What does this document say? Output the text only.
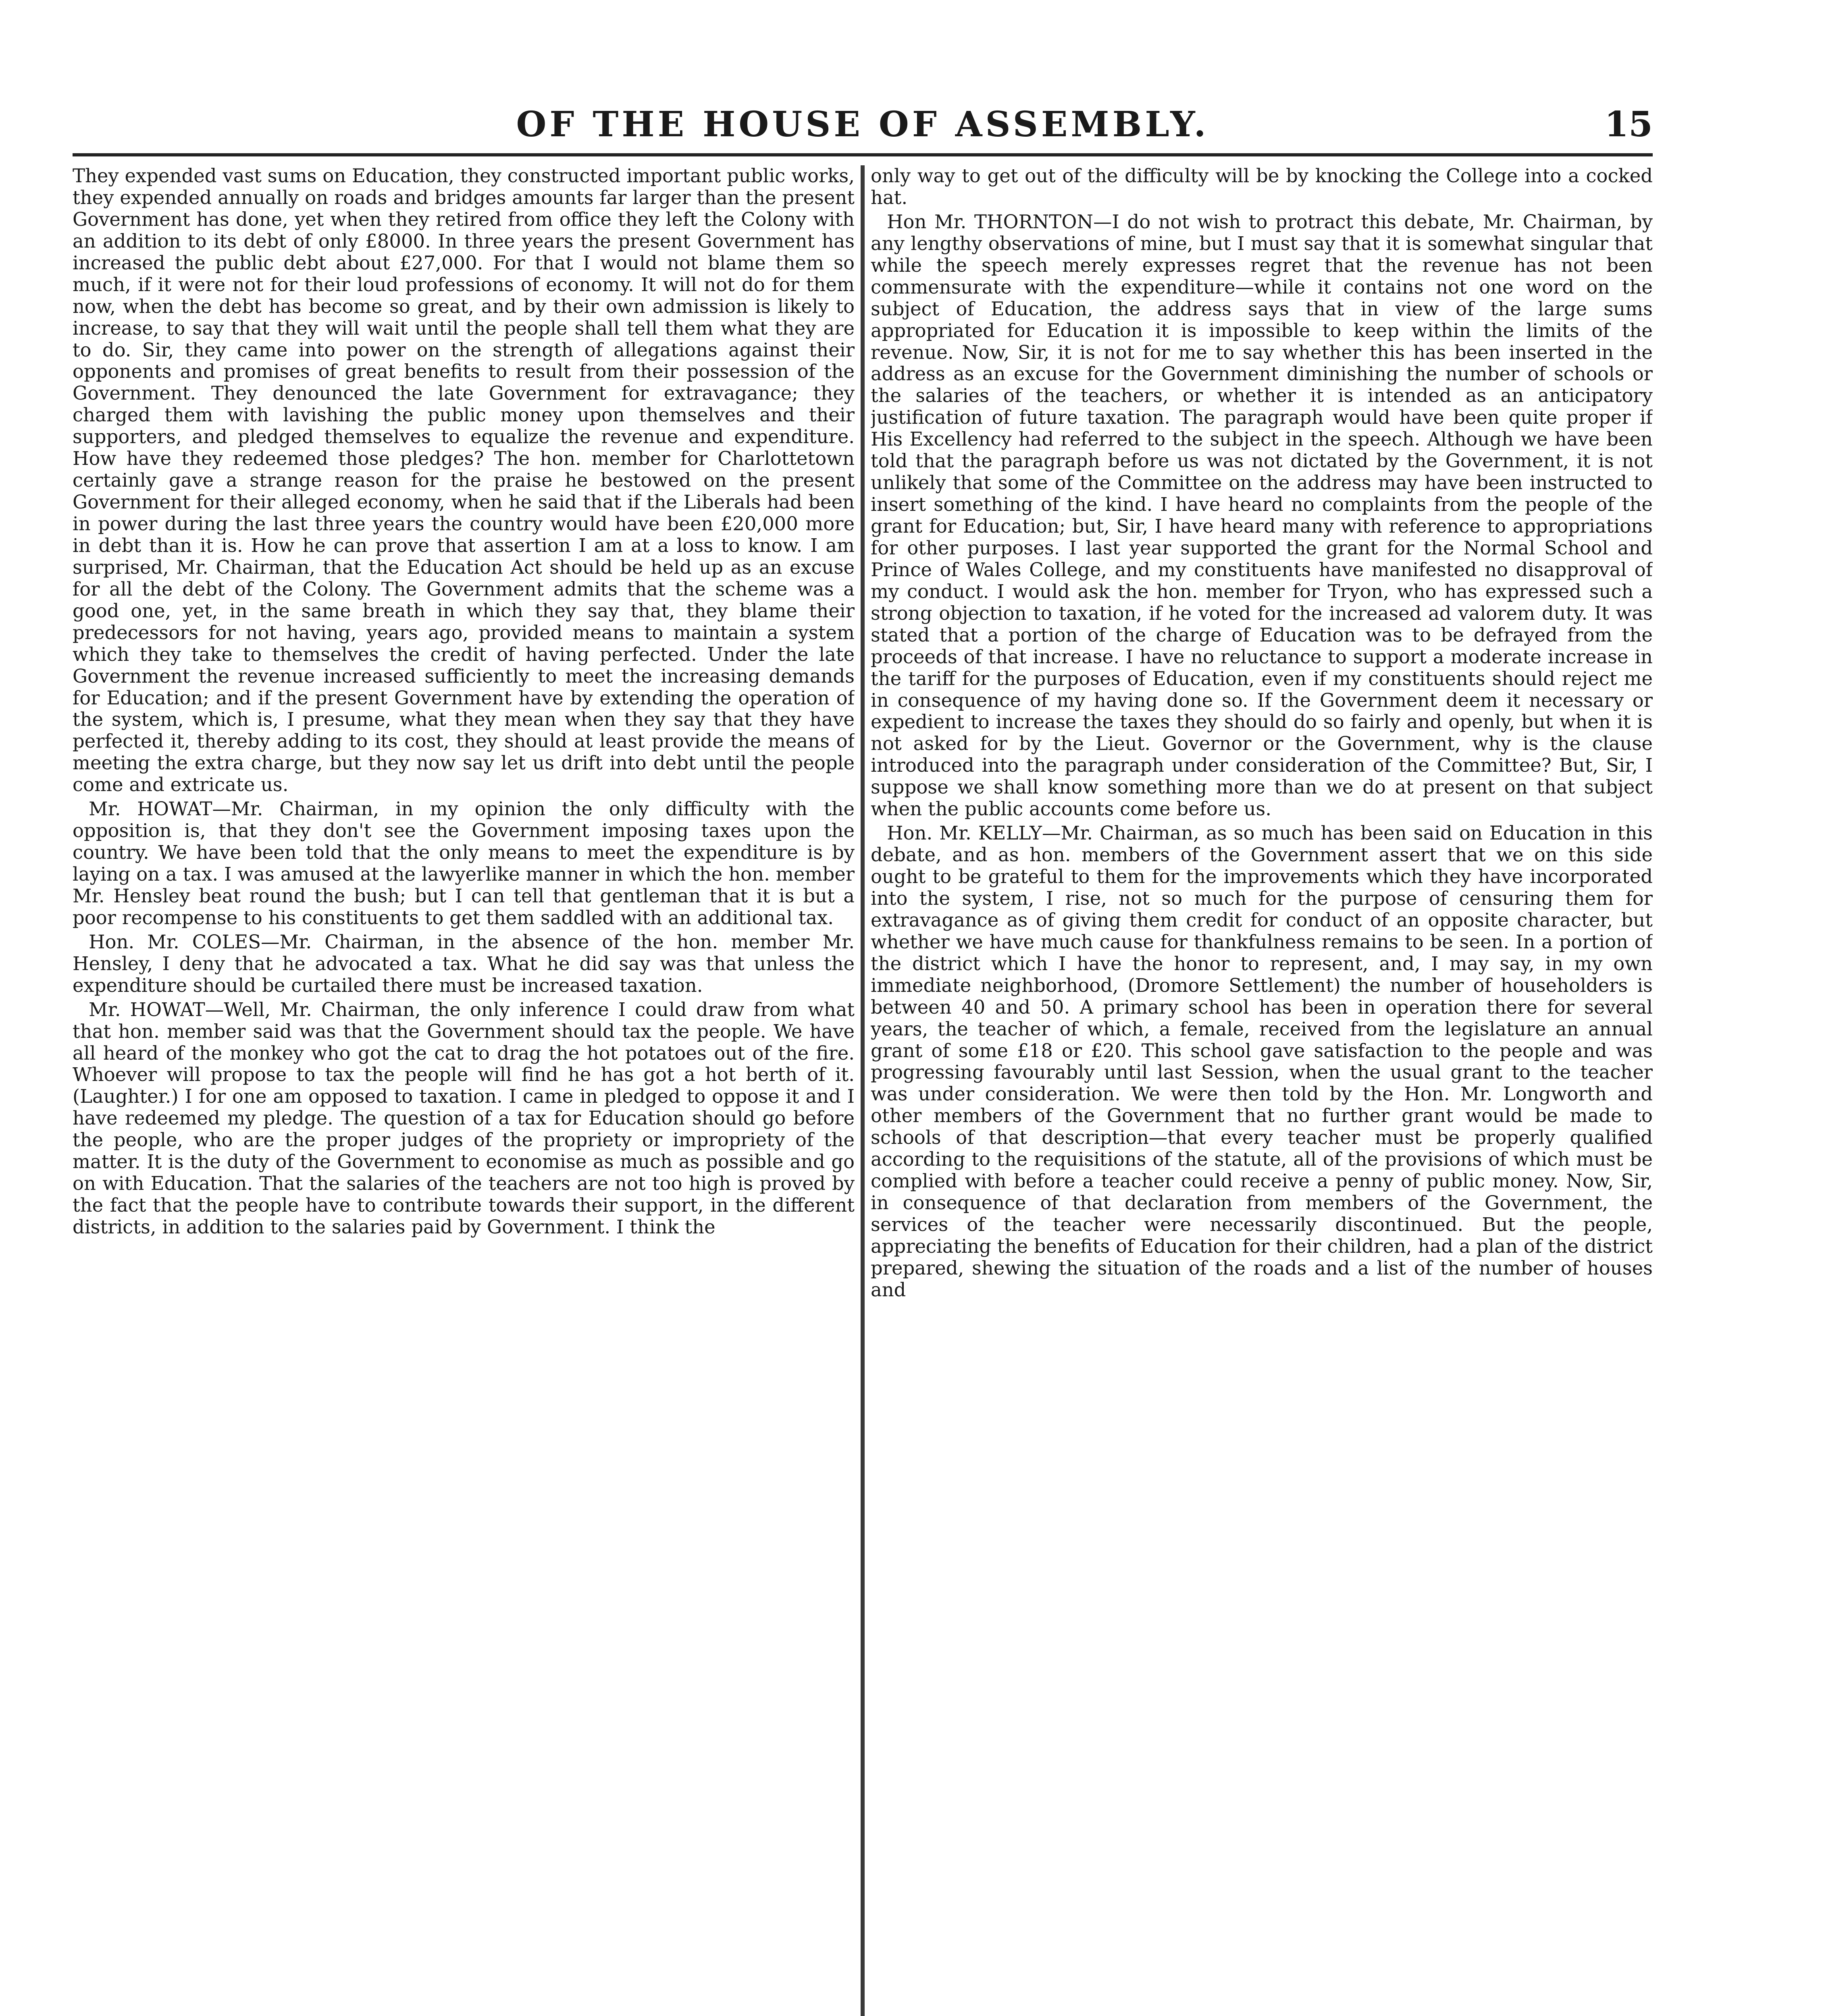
OF THE HOUSE OF ASSEMBLY.	15

They expended vast sums on Education, they constructed important public works, they expended annually on roads and bridges amounts far larger than the present Government has done, yet when they retired from office they left the Colony with an addition to its debt of only £8000. In three years the present Government has increased the public debt about £27,000. For that I would not blame them so much, if it were not for their loud professions of economy. It will not do for them now, when the debt has become so great, and by their own admission is likely to increase, to say that they will wait until the people shall tell them what they are to do. Sir, they came into power on the strength of allegations against their opponents and promises of great benefits to result from their possession of the Government. They denounced the late Government for extravagance; they charged them with lavishing the public money upon themselves and their supporters, and pledged themselves to equalize the revenue and expenditure. How have they redeemed those pledges? The hon. member for Charlottetown certainly gave a strange reason for the praise he bestowed on the present Government for their alleged economy, when he said that if the Liberals had been in power during the last three years the country would have been £20,000 more in debt than it is. How he can prove that assertion I am at a loss to know. I am surprised, Mr. Chairman, that the Education Act should be held up as an excuse for all the debt of the Colony. The Government admits that the scheme was a good one, yet, in the same breath in which they say that, they blame their predecessors for not having, years ago, provided means to maintain a system which they take to themselves the credit of having perfected. Under the late Government the revenue increased sufficiently to meet the increasing demands for Education; and if the present Government have by extending the operation of the system, which is, I presume, what they mean when they say that they have perfected it, thereby adding to its cost, they should at least provide the means of meeting the extra charge, but they now say let us drift into debt until the people come and extricate us.

Mr. HOWAT—Mr. Chairman, in my opinion the only difficulty with the opposition is, that they don't see the Government imposing taxes upon the country. We have been told that the only means to meet the expenditure is by laying on a tax. I was amused at the lawyerlike manner in which the hon. member Mr. Hensley beat round the bush; but I can tell that gentleman that it is but a poor recompense to his constituents to get them saddled with an additional tax.

Hon. Mr. COLES—Mr. Chairman, in the absence of the hon. member Mr. Hensley, I deny that he advocated a tax. What he did say was that unless the expenditure should be curtailed there must be increased taxation.

Mr. HOWAT—Well, Mr. Chairman, the only inference I could draw from what that hon. member said was that the Government should tax the people. We have all heard of the monkey who got the cat to drag the hot potatoes out of the fire. Whoever will propose to tax the people will find he has got a hot berth of it. (Laughter.) I for one am opposed to taxation. I came in pledged to oppose it and I have redeemed my pledge. The question of a tax for Education should go before the people, who are the proper judges of the propriety or impropriety of the matter. It is the duty of the Government to economise as much as possible and go on with Education. That the salaries of the teachers are not too high is proved by the fact that the people have to contribute towards their support, in the different districts, in addition to the salaries paid by Government. I think the

only way to get out of the difficulty will be by knocking the College into a cocked hat.

Hon Mr. THORNTON—I do not wish to protract this debate, Mr. Chairman, by any lengthy observations of mine, but I must say that it is somewhat singular that while the speech merely expresses regret that the revenue has not been commensurate with the expenditure—while it contains not one word on the subject of Education, the address says that in view of the large sums appropriated for Education it is impossible to keep within the limits of the revenue. Now, Sir, it is not for me to say whether this has been inserted in the address as an excuse for the Government diminishing the number of schools or the salaries of the teachers, or whether it is intended as an anticipatory justification of future taxation. The paragraph would have been quite proper if His Excellency had referred to the subject in the speech. Although we have been told that the paragraph before us was not dictated by the Government, it is not unlikely that some of the Committee on the address may have been instructed to insert something of the kind. I have heard no complaints from the people of the grant for Education; but, Sir, I have heard many with reference to appropriations for other purposes. I last year supported the grant for the Normal School and Prince of Wales College, and my constituents have manifested no disapproval of my conduct. I would ask the hon. member for Tryon, who has expressed such a strong objection to taxation, if he voted for the increased ad valorem duty. It was stated that a portion of the charge of Education was to be defrayed from the proceeds of that increase. I have no reluctance to support a moderate increase in the tariff for the purposes of Education, even if my constituents should reject me in consequence of my having done so. If the Government deem it necessary or expedient to increase the taxes they should do so fairly and openly, but when it is not asked for by the Lieut. Governor or the Government, why is the clause introduced into the paragraph under consideration of the Committee? But, Sir, I suppose we shall know something more than we do at present on that subject when the public accounts come before us.

Hon. Mr. KELLY—Mr. Chairman, as so much has been said on Education in this debate, and as hon. members of the Government assert that we on this side ought to be grateful to them for the improvements which they have incorporated into the system, I rise, not so much for the purpose of censuring them for extravagance as of giving them credit for conduct of an opposite character, but whether we have much cause for thankfulness remains to be seen. In a portion of the district which I have the honor to represent, and, I may say, in my own immediate neighborhood, (Dromore Settlement) the number of householders is between 40 and 50. A primary school has been in operation there for several years, the teacher of which, a female, received from the legislature an annual grant of some £18 or £20. This school gave satisfaction to the people and was progressing favourably until last Session, when the usual grant to the teacher was under consideration. We were then told by the Hon. Mr. Longworth and other members of the Government that no further grant would be made to schools of that description—that every teacher must be properly qualified according to the requisitions of the statute, all of the provisions of which must be complied with before a teacher could receive a penny of public money. Now, Sir, in consequence of that declaration from members of the Government, the services of the teacher were necessarily discontinued. But the people, appreciating the benefits of Education for their children, had a plan of the district prepared, shewing the situation of the roads and a list of the number of houses and
